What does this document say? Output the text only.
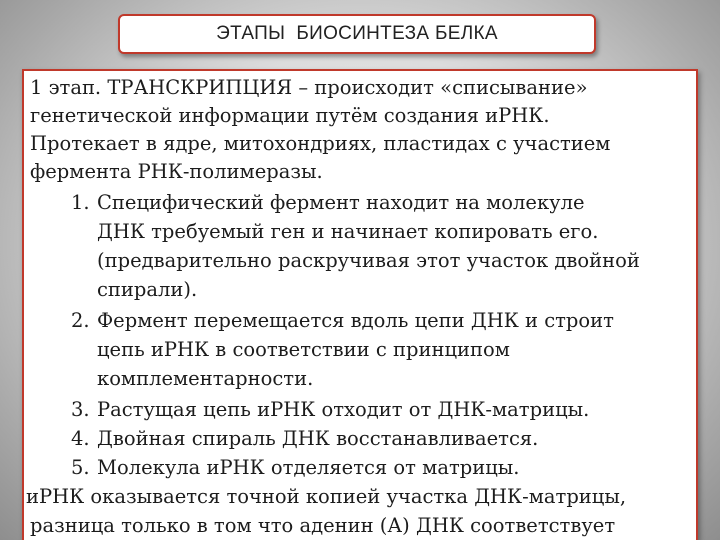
ЭТАПЫ  БИОСИНТЕЗА БЕЛКА
1 этап. ТРАНСКРИПЦИЯ – происходит «списывание»
генетической информации путём создания иРНК.
Протекает в ядре, митохондриях, пластидах с участием
фермента РНК-полимеразы.
1. Специфический фермент находит на молекуле
ДНК требуемый ген и начинает копировать его.
(предварительно раскручивая этот участок двойной
спирали).
2. Фермент перемещается вдоль цепи ДНК и строит
цепь иРНК в соответствии с принципом
комплементарности.
3. Растущая цепь иРНК отходит от ДНК-матрицы.
4. Двойная спираль ДНК восстанавливается.
5. Молекула иРНК отделяется от матрицы.
иРНК оказывается точной копией участка ДНК-матрицы,
разница только в том что аденин (А) ДНК соответствует
